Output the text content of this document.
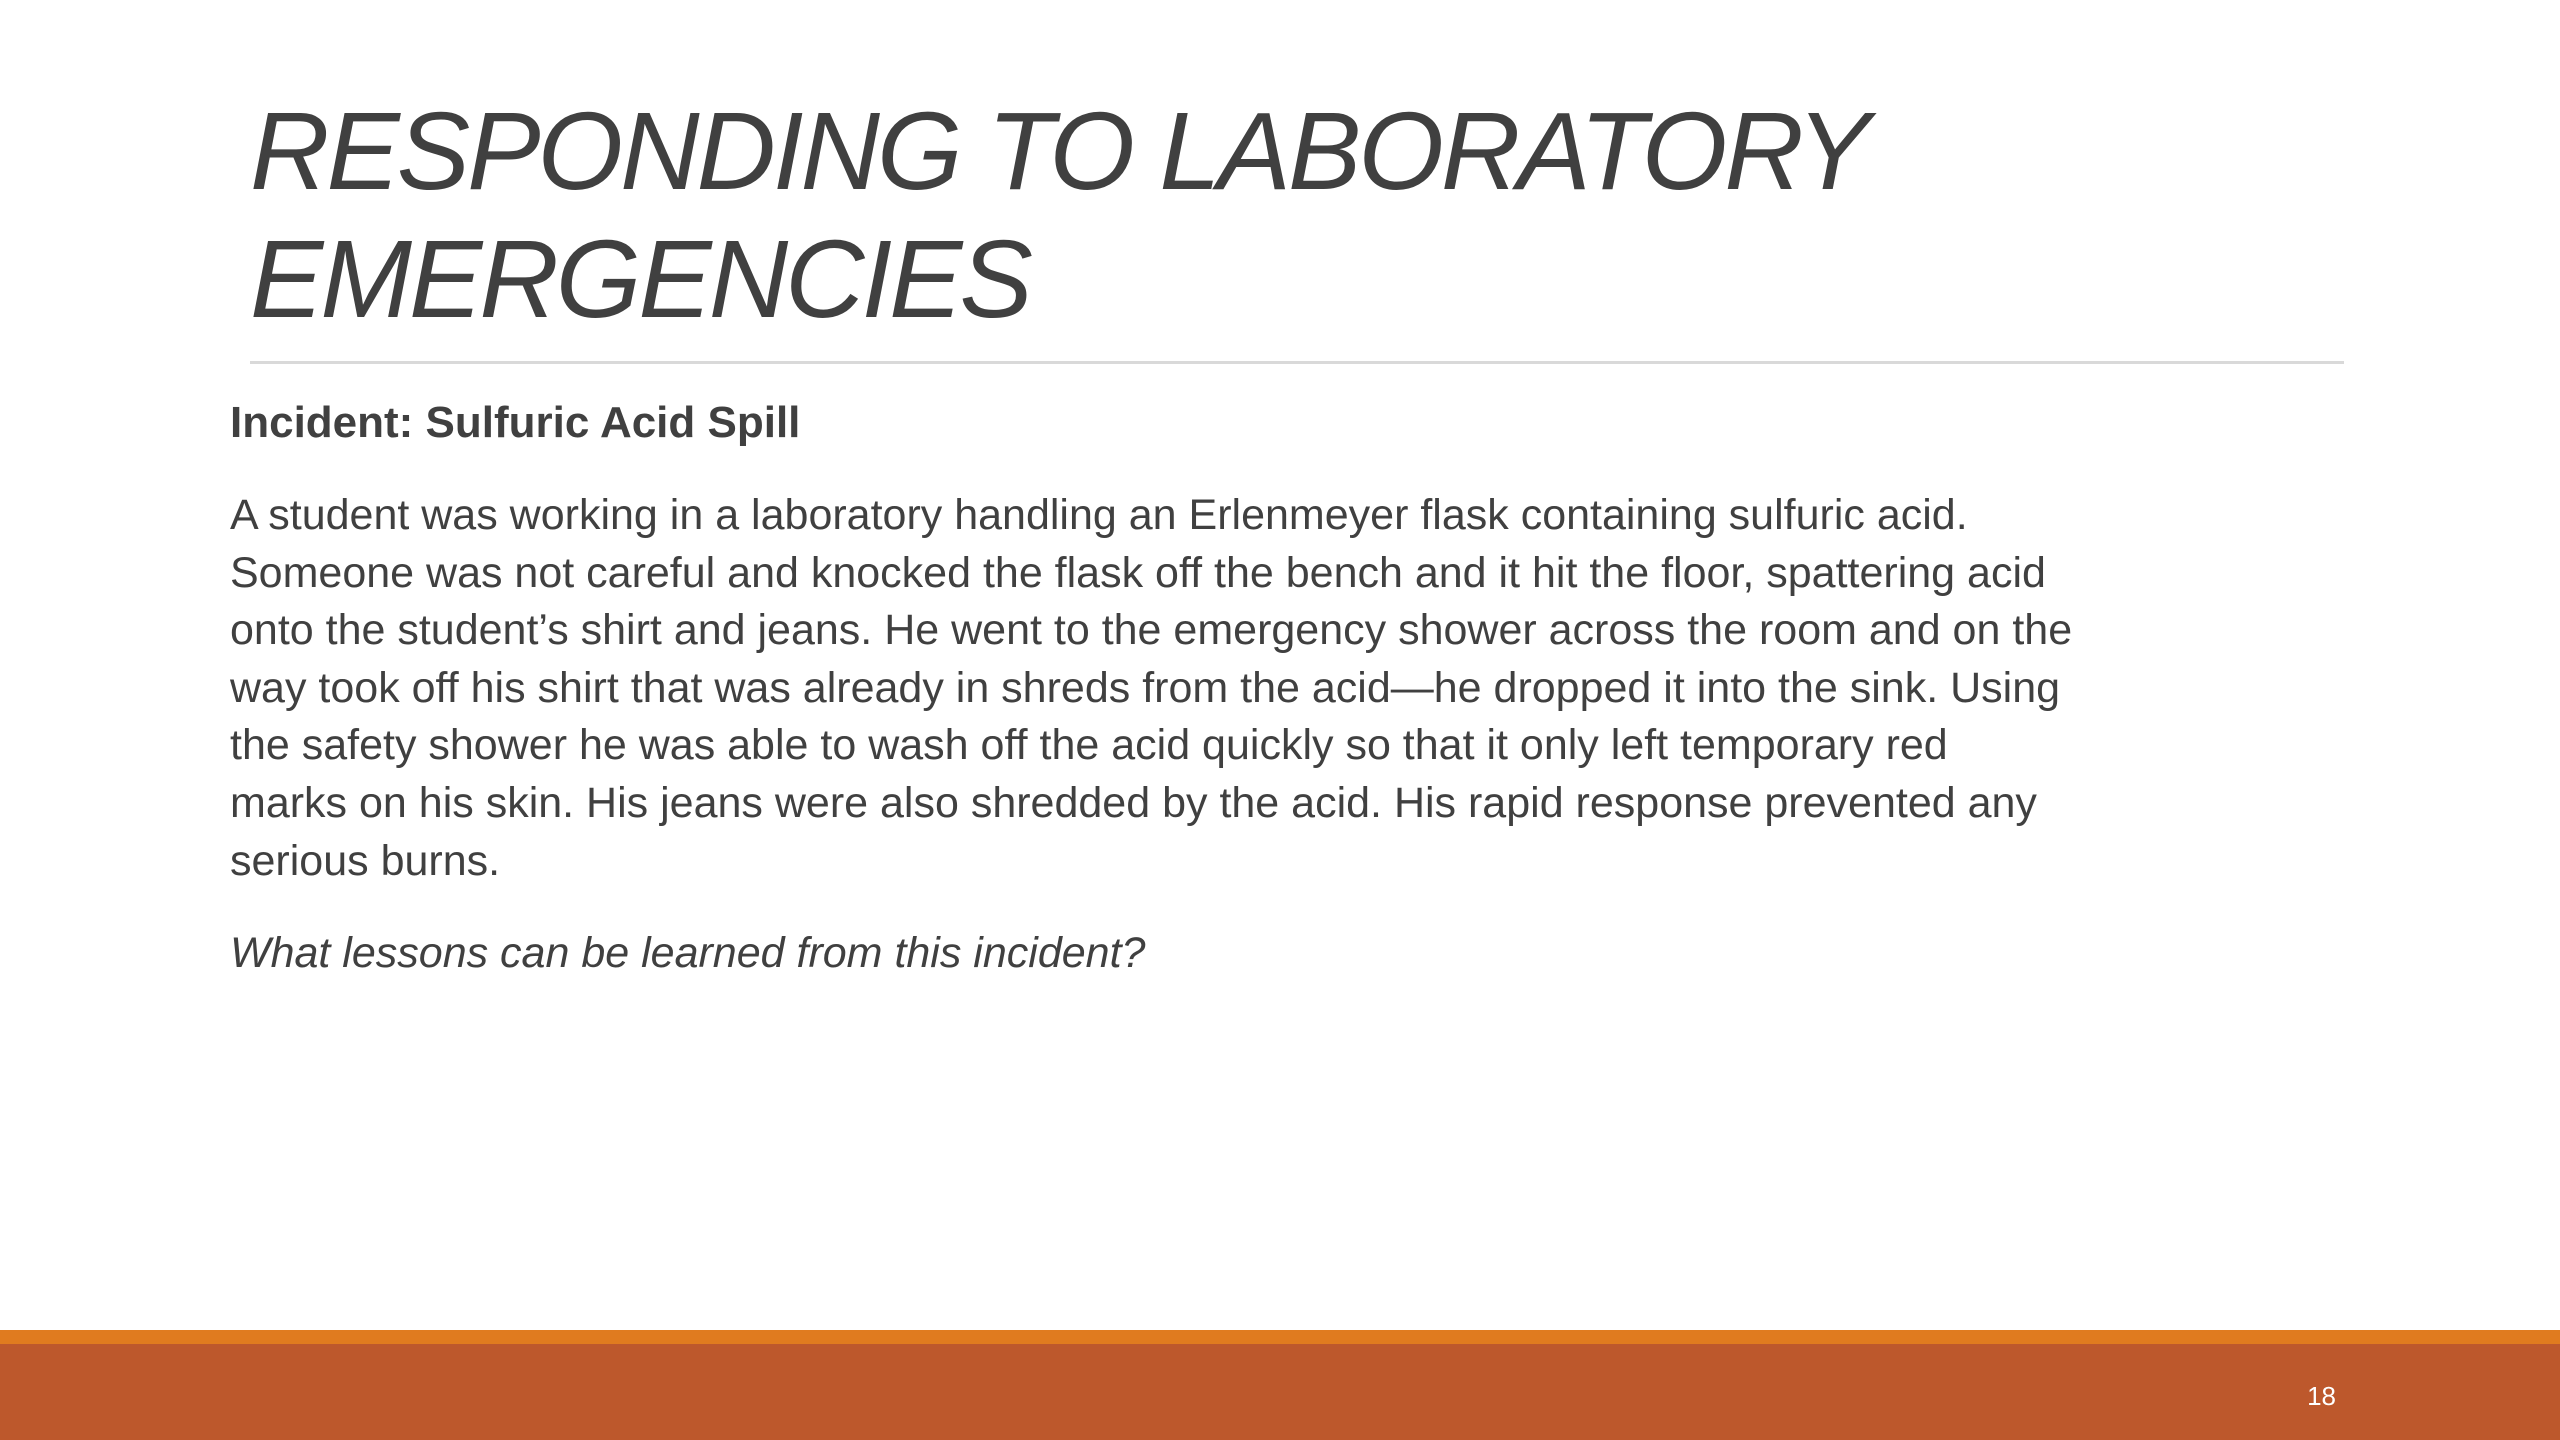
RESPONDING TO LABORATORY
EMERGENCIES

Incident: Sulfuric Acid Spill

A student was working in a laboratory handling an Erlenmeyer flask containing sulfuric acid.
Someone was not careful and knocked the flask off the bench and it hit the floor, spattering acid
onto the student’s shirt and jeans. He went to the emergency shower across the room and on the
way took off his shirt that was already in shreds from the acid—he dropped it into the sink. Using
the safety shower he was able to wash off the acid quickly so that it only left temporary red
marks on his skin. His jeans were also shredded by the acid. His rapid response prevented any
serious burns.

What lessons can be learned from this incident?

18
